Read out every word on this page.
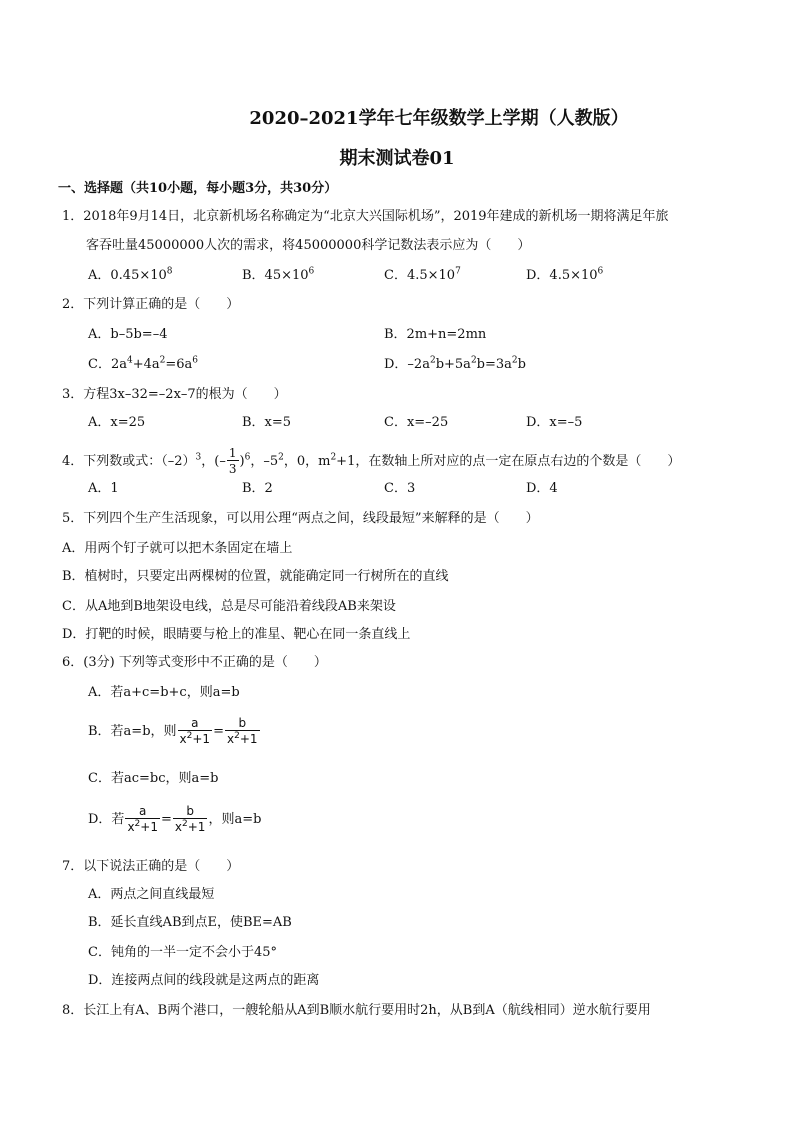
2020–2021学年七年级数学上学期（人教版）
期末测试卷01
一、选择题（共10小题，每小题3分，共30分）
1．2018年9月14日，北京新机场名称确定为“北京大兴国际机场”，2019年建成的新机场一期将满足年旅
客吞吐量45000000人次的需求，将45000000科学记数法表示应为（　　）
A．$0.45\times 10^8$	B．$45\times 10^6$	C．$4.5\times 10^7$	D．$4.5\times 10^6$
2．下列计算正确的是（　　）
A．b–5b=–4	B．2m+n=2mn
C．$2a^4+4a^2=6a^6$	D．$-2a^2b+5a^2b=3a^2b$
3．方程3x–32=–2x–7的根为（　　）
A．x=25	B．x=5	C．x=–25	D．x=–5
4．下列数或式：$(-2)^3$，(– $\frac{1}{3} )^6$，$-5^2$，0，$m^2+1$，在数轴上所对应的点一定在原点右边的个数是（　　）
A．1	B．2	C．3	D．4
5．下列四个生产生活现象，可以用公理“两点之间，线段最短”来解释的是（　　）
A．用两个钉子就可以把木条固定在墙上
B．植树时，只要定出两棵树的位置，就能确定同一行树所在的直线
C．从A地到B地架设电线，总是尽可能沿着线段AB来架设
D．打靶的时候，眼睛要与枪上的准星、靶心在同一条直线上
6．(3分) 下列等式变形中不正确的是（　　）
A．若a+c=b+c，则a=b
B．若a=b，则 $\frac{a}{x^2+1} = \frac{b}{x^2+1}$
C．若ac=bc，则a=b
D．若 $\frac{a}{x^2+1} = \frac{b}{x^2+1}$ ，则a=b
7．以下说法正确的是（　　）
A．两点之间直线最短
B．延长直线AB到点E，使BE=AB
C．钝角的一半一定不会小于45°
D．连接两点间的线段就是这两点的距离
8．长江上有A、B两个港口，一艘轮船从A到B顺水航行要用时2h，从B到A（航线相同）逆水航行要用
